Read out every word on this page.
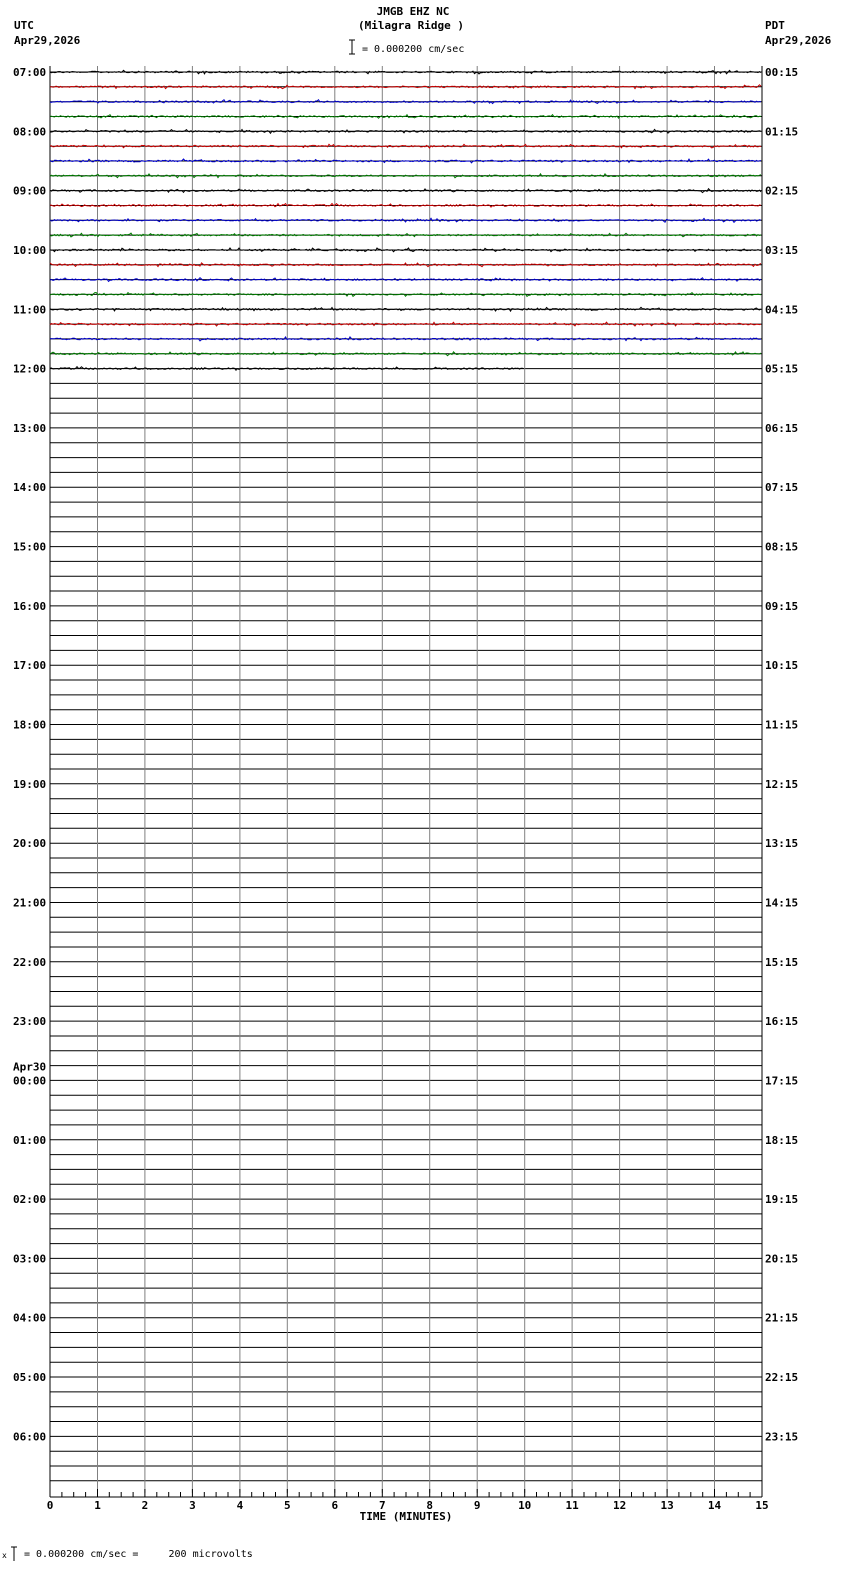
JMGB EHZ NC
(Milagra Ridge )
= 0.000200 cm/sec
UTC
Apr29,2026
PDT
Apr29,2026
x = 0.000200 cm/sec =     200 microvolts
07:00
08:00
09:00
10:00
11:00
12:00
13:00
14:00
15:00
16:00
17:00
18:00
19:00
20:00
21:00
22:00
23:00
00:00
Apr30
01:00
02:00
03:00
04:00
05:00
06:00
00:15
01:15
02:15
03:15
04:15
05:15
06:15
07:15
08:15
09:15
10:15
11:15
12:15
13:15
14:15
15:15
16:15
17:15
18:15
19:15
20:15
21:15
22:15
23:15
0	1	2	3	4	5	6	7	8	9	10	11	12	13	14	15
TIME (MINUTES)
